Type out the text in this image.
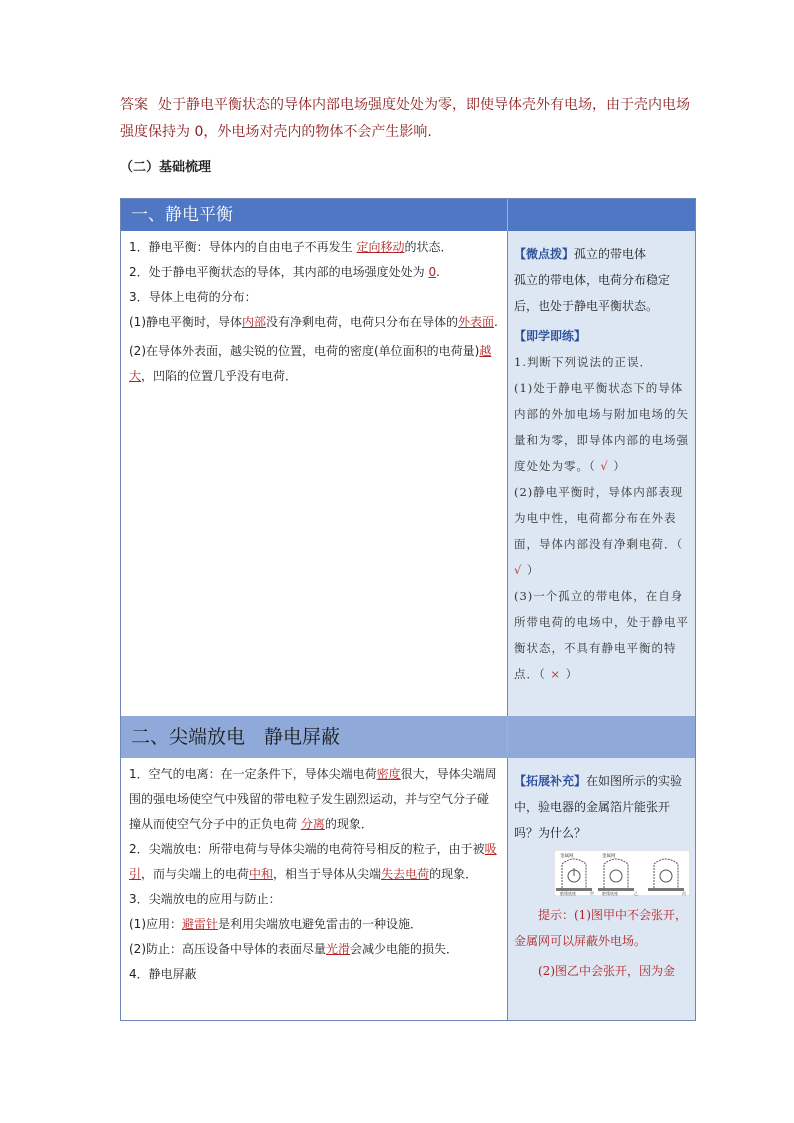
答案 处于静电平衡状态的导体内部电场强度处处为零，即使导体壳外有电场，由于壳内电场强度保持为 0，外电场对壳内的物体不会产生影响.
（二）基础梳理
一、静电平衡

1．静电平衡：导体内的自由电子不再发生 定向移动的状态．

2．处于静电平衡状态的导体，其内部的电场强度处处为 0.

3．导体上电荷的分布：

(1)静电平衡时，导体内部没有净剩电荷，电荷只分布在导体的外表面.

(2)在导体外表面，越尖锐的位置，电荷的密度(单位面积的电荷量)越大，凹陷的位置几乎没有电荷．

【微点拨】孤立的带电体

孤立的带电体，电荷分布稳定后，也处于静电平衡状态。

【即学即练】

1.判断下列说法的正误．

(1)处于静电平衡状态下的导体内部的外加电场与附加电场的矢量和为零，即导体内部的电场强度处处为零。（ √ ）

(2)静电平衡时，导体内部表现为电中性，电荷都分布在外表面，导体内部没有净剩电荷．（ √ ）

(3)一个孤立的带电体，在自身所带电荷的电场中，处于静电平衡状态，不具有静电平衡的特点．（ × ）

二、尖端放电　静电屏蔽

1．空气的电离：在一定条件下，导体尖端电荷密度很大，导体尖端周围的强电场使空气中残留的带电粒子发生剧烈运动，并与空气分子碰撞从而使空气分子中的正负电荷 分离的现象．

2．尖端放电：所带电荷与导体尖端的电荷符号相反的粒子，由于被吸引，而与尖端上的电荷中和，相当于导体从尖端失去电荷的现象．

3．尖端放电的应用与防止：

(1)应用：避雷针是利用尖端放电避免雷击的一种设施．

(2)防止：高压设备中导体的表面尽量光滑会减少电能的损失．

4．静电屏蔽

【拓展补充】在如图所示的实验中，验电器的金属箔片能张开吗？为什么？

金属网	金属网
绝缘底座	绝缘底座
甲	乙	丙

提示：(1)图甲中不会张开，金属网可以屏蔽外电场。

(2)图乙中会张开，因为金
